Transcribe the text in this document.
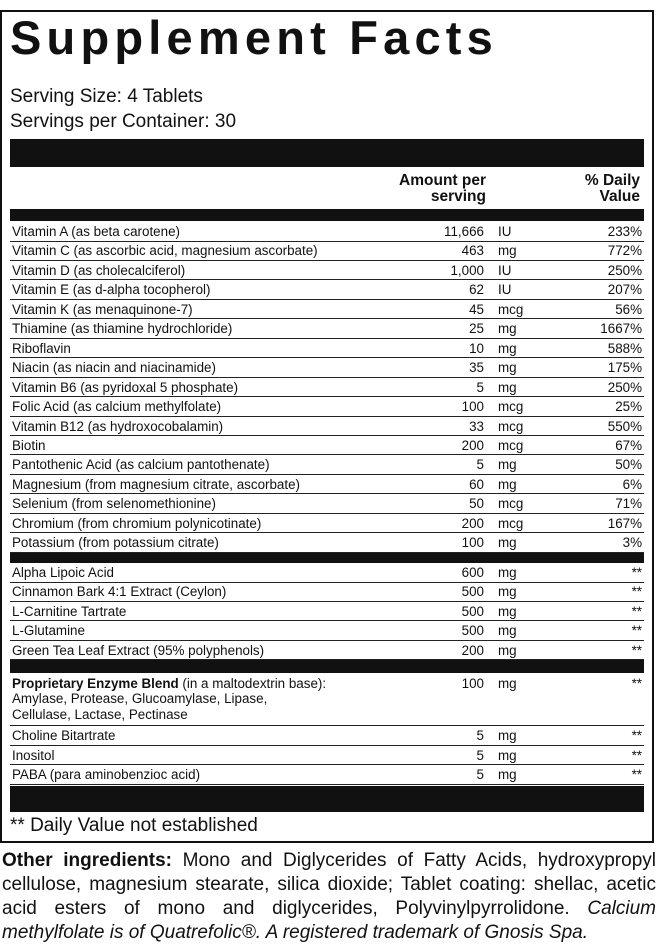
Supplement Facts
Serving Size: 4 Tablets
Servings per Container: 30
Amount per
serving
% Daily
Value
Vitamin A (as beta carotene)	11,666 IU	233%
Vitamin C (as ascorbic acid, magnesium ascorbate)	463 mg	772%
Vitamin D (as cholecalciferol)	1,000 IU	250%
Vitamin E (as d-alpha tocopherol)	62 IU	207%
Vitamin K (as menaquinone-7)	45 mcg	56%
Thiamine (as thiamine hydrochloride)	25 mg	1667%
Riboflavin	10 mg	588%
Niacin (as niacin and niacinamide)	35 mg	175%
Vitamin B6 (as pyridoxal 5 phosphate)	5 mg	250%
Folic Acid (as calcium methylfolate)	100 mcg	25%
Vitamin B12 (as hydroxocobalamin)	33 mcg	550%
Biotin	200 mcg	67%
Pantothenic Acid (as calcium pantothenate)	5 mg	50%
Magnesium (from magnesium citrate, ascorbate)	60 mg	6%
Selenium (from selenomethionine)	50 mcg	71%
Chromium (from chromium polynicotinate)	200 mcg	167%
Potassium (from potassium citrate)	100 mg	3%
Alpha Lipoic Acid	600 mg	**
Cinnamon Bark 4:1 Extract (Ceylon)	500 mg	**
L-Carnitine Tartrate	500 mg	**
L-Glutamine	500 mg	**
Green Tea Leaf Extract (95% polyphenols)	200 mg	**
Proprietary Enzyme Blend (in a maltodextrin base):
Amylase, Protease, Glucoamylase, Lipase,
Cellulase, Lactase, Pectinase
100 mg	**
Choline Bitartrate	5 mg	**
Inositol	5 mg	**
PABA (para aminobenzioc acid)	5 mg	**
** Daily Value not established
Other ingredients: Mono and Diglycerides of Fatty Acids, hydroxypropyl cellulose, magnesium stearate, silica dioxide; Tablet coating: shellac, acetic acid esters of mono and diglycerides, Polyvinylpyrrolidone. Calcium methylfolate is of Quatrefolic®. A registered trademark of Gnosis Spa.
